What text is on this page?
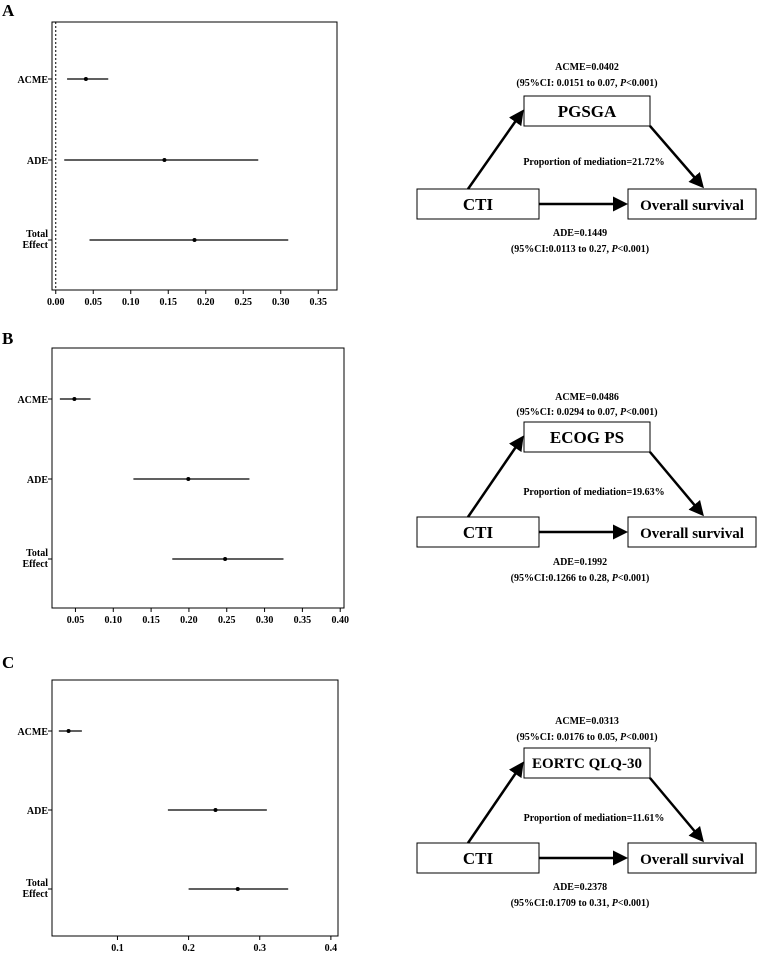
A
0.00 0.05 0.10 0.15 0.20 0.25 0.30 0.35
ACME
ADE
Total Effect
ACME=0.0402
(95%CI: 0.0151 to 0.07, P<0.001)
PGSGA
Proportion of mediation=21.72%
CTI	Overall survival
ADE=0.1449
(95%CI:0.0113 to 0.27, P<0.001)
B
0.05 0.10 0.15 0.20 0.25 0.30 0.35 0.40
ACME
ADE
Total Effect
ACME=0.0486
(95%CI: 0.0294 to 0.07, P<0.001)
ECOG PS
Proportion of mediation=19.63%
CTI	Overall survival
ADE=0.1992
(95%CI:0.1266 to 0.28, P<0.001)
C
0.1	0.2	0.3	0.4
ACME
ADE
Total Effect
ACME=0.0313
(95%CI: 0.0176 to 0.05, P<0.001)
EORTC QLQ-30
Proportion of mediation=11.61%
CTI	Overall survival
ADE=0.2378
(95%CI:0.1709 to 0.31, P<0.001)
